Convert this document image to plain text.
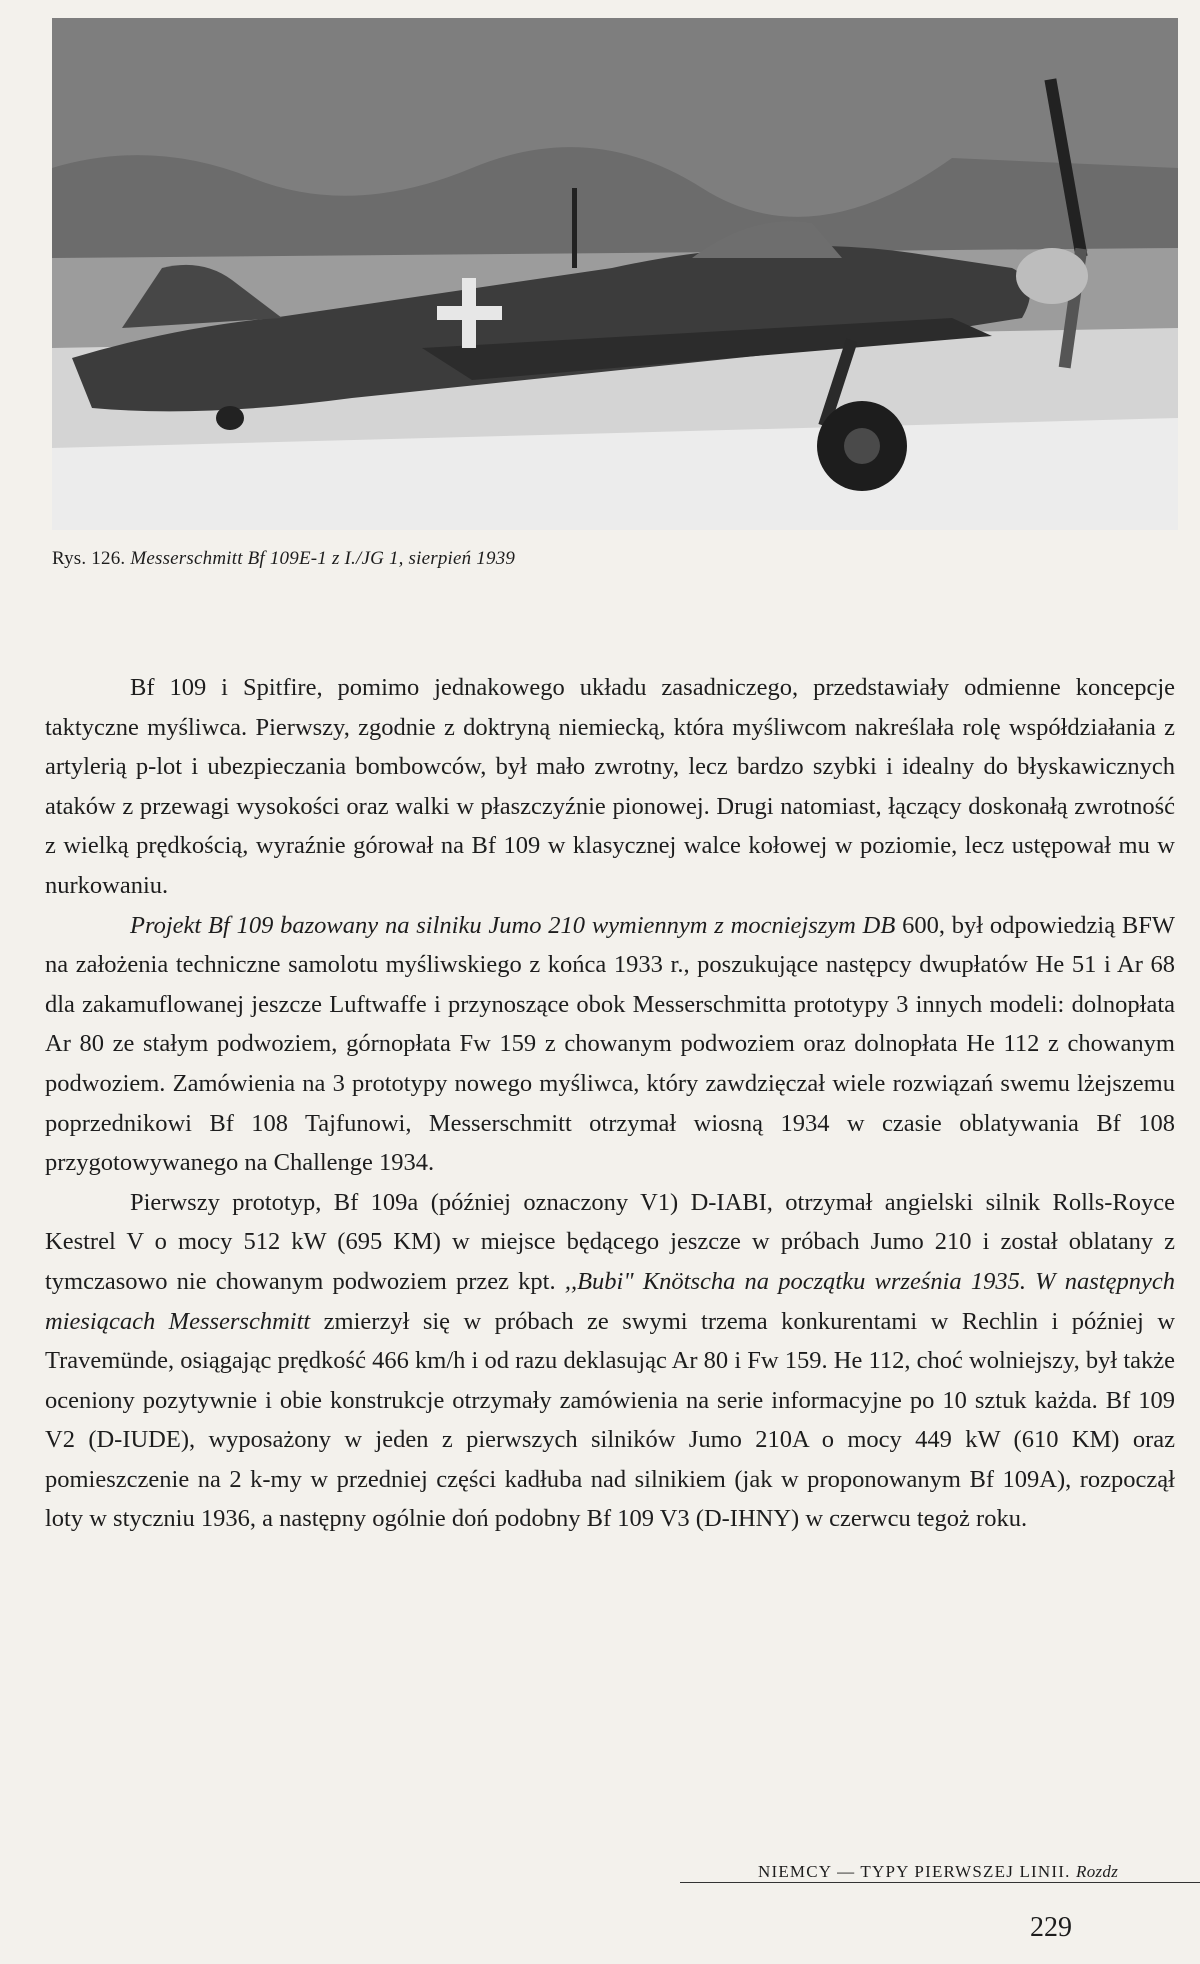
Rys. 126. Messerschmitt Bf 109E-1 z I./JG 1, sierpień 1939

Bf 109 i Spitfire, pomimo jednakowego układu zasadniczego, przedstawiały odmienne koncepcje taktyczne myśliwca. Pierwszy, zgodnie z doktryną niemiecką, która myśliwcom nakreślała rolę współdziałania z artylerią p-lot i ubezpieczania bombowców, był mało zwrotny, lecz bardzo szybki i idealny do błyskawicznych ataków z przewagi wysokości oraz walki w płaszczyźnie pionowej. Drugi natomiast, łączący doskonałą zwrotność z wielką prędkością, wyraźnie górował na Bf 109 w klasycznej walce kołowej w poziomie, lecz ustępował mu w nurkowaniu.

Projekt Bf 109 bazowany na silniku Jumo 210 wymiennym z mocniejszym DB 600, był odpowiedzią BFW na założenia techniczne samolotu myśliwskiego z końca 1933 r., poszukujące następcy dwupłatów He 51 i Ar 68 dla zakamuflowanej jeszcze Luftwaffe i przynoszące obok Messerschmitta prototypy 3 innych modeli: dolnopłata Ar 80 ze stałym podwoziem, górnopłata Fw 159 z chowanym podwoziem oraz dolnopłata He 112 z chowanym podwoziem. Zamówienia na 3 prototypy nowego myśliwca, który zawdzięczał wiele rozwiązań swemu lżejszemu poprzednikowi Bf 108 Tajfunowi, Messerschmitt otrzymał wiosną 1934 w czasie oblatywania Bf 108 przygotowywanego na Challenge 1934.

Pierwszy prototyp, Bf 109a (później oznaczony V1) D-IABI, otrzymał angielski silnik Rolls-Royce Kestrel V o mocy 512 kW (695 KM) w miejsce będącego jeszcze w próbach Jumo 210 i został oblatany z tymczasowo nie chowanym podwoziem przez kpt. ,,Bubi" Knötscha na początku września 1935. W następnych miesiącach Messerschmitt zmierzył się w próbach ze swymi trzema konkurentami w Rechlin i później w Travemünde, osiągając prędkość 466 km/h i od razu deklasując Ar 80 i Fw 159. He 112, choć wolniejszy, był także oceniony pozytywnie i obie konstrukcje otrzymały zamówienia na serie informacyjne po 10 sztuk każda. Bf 109 V2 (D-IUDE), wyposażony w jeden z pierwszych silników Jumo 210A o mocy 449 kW (610 KM) oraz pomieszczenie na 2 k-my w przedniej części kadłuba nad silnikiem (jak w proponowanym Bf 109A), rozpoczął loty w styczniu 1936, a następny ogólnie doń podobny Bf 109 V3 (D-IHNY) w czerwcu tegoż roku.

NIEMCY — TYPY PIERWSZEJ LINII. Rozdz
229
